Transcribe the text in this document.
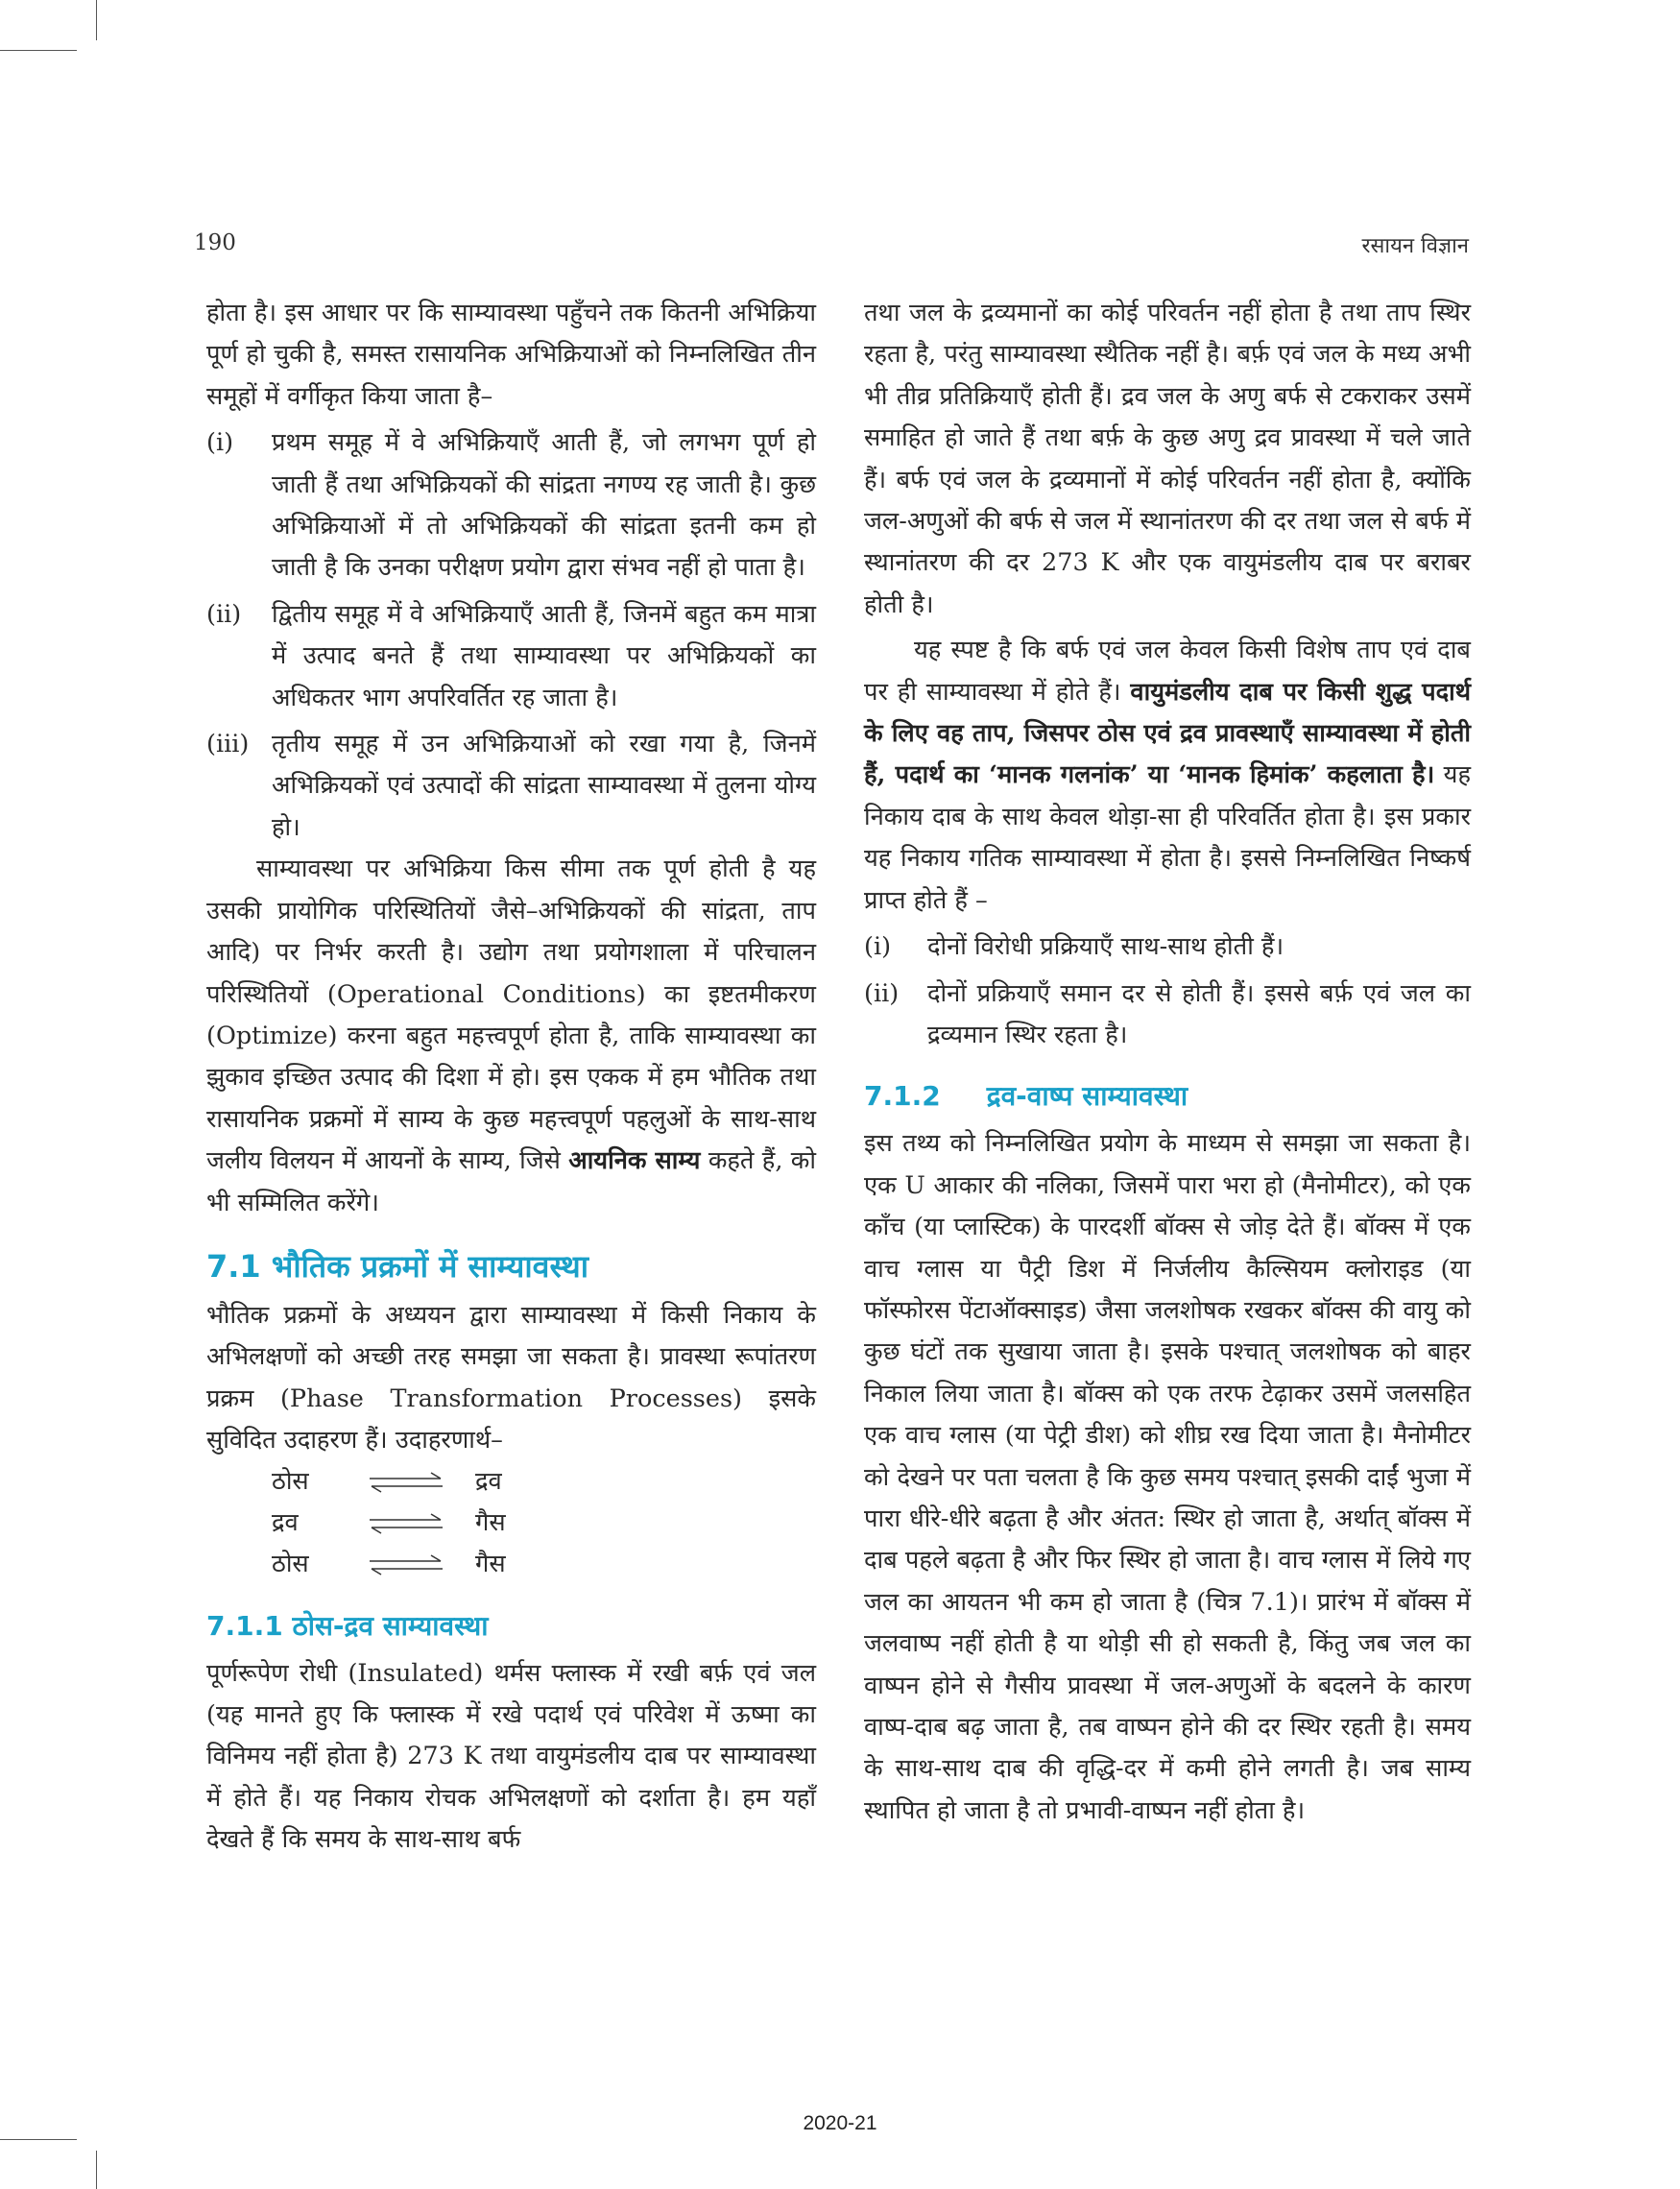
190	रसायन विज्ञान

होता है। इस आधार पर कि साम्यावस्था पहुँचने तक कितनी अभिक्रिया पूर्ण हो चुकी है, समस्त रासायनिक अभिक्रियाओं को निम्नलिखित तीन समूहों में वर्गीकृत किया जाता है–

(i) प्रथम समूह में वे अभिक्रियाएँ आती हैं, जो लगभग पूर्ण हो जाती हैं तथा अभिक्रियकों की सांद्रता नगण्य रह जाती है। कुछ अभिक्रियाओं में तो अभिक्रियकों की सांद्रता इतनी कम हो जाती है कि उनका परीक्षण प्रयोग द्वारा संभव नहीं हो पाता है।
(ii) द्वितीय समूह में वे अभिक्रियाएँ आती हैं, जिनमें बहुत कम मात्रा में उत्पाद बनते हैं तथा साम्यावस्था पर अभिक्रियकों का अधिकतर भाग अपरिवर्तित रह जाता है।
(iii) तृतीय समूह में उन अभिक्रियाओं को रखा गया है, जिनमें अभिक्रियकों एवं उत्पादों की सांद्रता साम्यावस्था में तुलना योग्य हो।

साम्यावस्था पर अभिक्रिया किस सीमा तक पूर्ण होती है यह उसकी प्रायोगिक परिस्थितियों जैसे–अभिक्रियकों की सांद्रता, ताप आदि) पर निर्भर करती है। उद्योग तथा प्रयोगशाला में परिचालन परिस्थितियों (Operational Conditions) का इष्टतमीकरण (Optimize) करना बहुत महत्त्वपूर्ण होता है, ताकि साम्यावस्था का झुकाव इच्छित उत्पाद की दिशा में हो। इस एकक में हम भौतिक तथा रासायनिक प्रक्रमों में साम्य के कुछ महत्त्वपूर्ण पहलुओं के साथ-साथ जलीय विलयन में आयनों के साम्य, जिसे आयनिक साम्य कहते हैं, को भी सम्मिलित करेंगे।

7.1 भौतिक प्रक्रमों में साम्यावस्था

भौतिक प्रक्रमों के अध्ययन द्वारा साम्यावस्था में किसी निकाय के अभिलक्षणों को अच्छी तरह समझा जा सकता है। प्रावस्था रूपांतरण प्रक्रम (Phase Transformation Processes) इसके सुविदित उदाहरण हैं। उदाहरणार्थ–

ठोस	⇌ द्रव
द्रव	⇌ गैस
ठोस	⇌ गैस
7.1.1 ठोस-द्रव साम्यावस्था

पूर्णरूपेण रोधी (Insulated) थर्मस फ्लास्क में रखी बर्फ़ एवं जल (यह मानते हुए कि फ्लास्क में रखे पदार्थ एवं परिवेश में ऊष्मा का विनिमय नहीं होता है) 273 K तथा वायुमंडलीय दाब पर साम्यावस्था में होते हैं। यह निकाय रोचक अभिलक्षणों को दर्शाता है। हम यहाँ देखते हैं कि समय के साथ-साथ बर्फ

तथा जल के द्रव्यमानों का कोई परिवर्तन नहीं होता है तथा ताप स्थिर रहता है, परंतु साम्यावस्था स्थैतिक नहीं है। बर्फ़ एवं जल के मध्य अभी भी तीव्र प्रतिक्रियाएँ होती हैं। द्रव जल के अणु बर्फ से टकराकर उसमें समाहित हो जाते हैं तथा बर्फ़ के कुछ अणु द्रव प्रावस्था में चले जाते हैं। बर्फ एवं जल के द्रव्यमानों में कोई परिवर्तन नहीं होता है, क्योंकि जल-अणुओं की बर्फ से जल में स्थानांतरण की दर तथा जल से बर्फ में स्थानांतरण की दर 273 K और एक वायुमंडलीय दाब पर बराबर होती है।

यह स्पष्ट है कि बर्फ एवं जल केवल किसी विशेष ताप एवं दाब पर ही साम्यावस्था में होते हैं। वायुमंडलीय दाब पर किसी शुद्ध पदार्थ के लिए वह ताप, जिसपर ठोस एवं द्रव प्रावस्थाएँ साम्यावस्था में होती हैं, पदार्थ का ‘मानक गलनांक’ या ‘मानक हिमांक’ कहलाता है। यह निकाय दाब के साथ केवल थोड़ा-सा ही परिवर्तित होता है। इस प्रकार यह निकाय गतिक साम्यावस्था में होता है। इससे निम्नलिखित निष्कर्ष प्राप्त होते हैं –

(i) दोनों विरोधी प्रक्रियाएँ साथ-साथ होती हैं।
(ii) दोनों प्रक्रियाएँ समान दर से होती हैं। इससे बर्फ़ एवं जल का द्रव्यमान स्थिर रहता है।
7.1.2 द्रव-वाष्प साम्यावस्था

इस तथ्य को निम्नलिखित प्रयोग के माध्यम से समझा जा सकता है। एक U आकार की नलिका, जिसमें पारा भरा हो (मैनोमीटर), को एक काँच (या प्लास्टिक) के पारदर्शी बॉक्स से जोड़ देते हैं। बॉक्स में एक वाच ग्लास या पैट्री डिश में निर्जलीय कैल्सियम क्लोराइड (या फॉस्फोरस पेंटाऑक्साइड) जैसा जलशोषक रखकर बॉक्स की वायु को कुछ घंटों तक सुखाया जाता है। इसके पश्चात् जलशोषक को बाहर निकाल लिया जाता है। बॉक्स को एक तरफ टेढ़ाकर उसमें जलसहित एक वाच ग्लास (या पेट्री डीश) को शीघ्र रख दिया जाता है। मैनोमीटर को देखने पर पता चलता है कि कुछ समय पश्चात् इसकी दाईं भुजा में पारा धीरे-धीरे बढ़ता है और अंतत: स्थिर हो जाता है, अर्थात् बॉक्स में दाब पहले बढ़ता है और फिर स्थिर हो जाता है। वाच ग्लास में लिये गए जल का आयतन भी कम हो जाता है (चित्र 7.1)। प्रारंभ में बॉक्स में जलवाष्प नहीं होती है या थोड़ी सी हो सकती है, किंतु जब जल का वाष्पन होने से गैसीय प्रावस्था में जल-अणुओं के बदलने के कारण वाष्प-दाब बढ़ जाता है, तब वाष्पन होने की दर स्थिर रहती है। समय के साथ-साथ दाब की वृद्धि-दर में कमी होने लगती है। जब साम्य स्थापित हो जाता है तो प्रभावी-वाष्पन नहीं होता है।

2020-21
